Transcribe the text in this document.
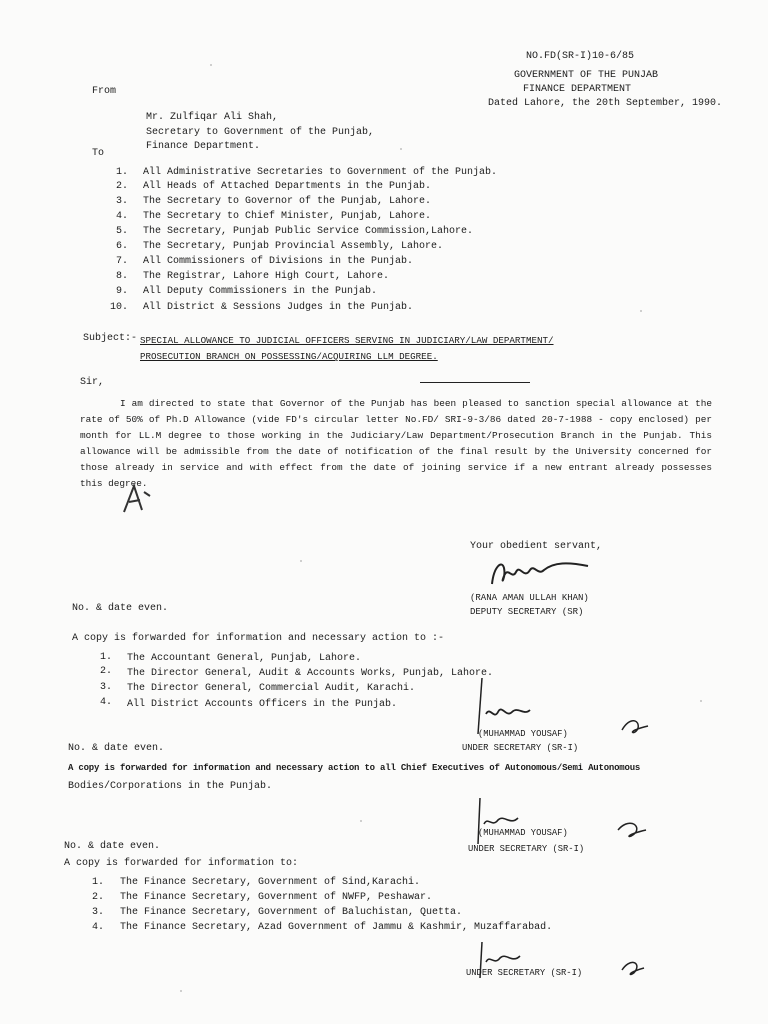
NO.FD(SR-I)10-6/85
GOVERNMENT OF THE PUNJAB
FINANCE DEPARTMENT
Dated Lahore, the 20th September, 1990.
From
Mr. Zulfiqar Ali Shah,
Secretary to Government of the Punjab,
Finance Department.
To
1. All Administrative Secretaries to Government of the Punjab.
2. All Heads of Attached Departments in the Punjab.
3. The Secretary to Governor of the Punjab, Lahore.
4. The Secretary to Chief Minister, Punjab, Lahore.
5. The Secretary, Punjab Public Service Commission,Lahore.
6. The Secretary, Punjab Provincial Assembly, Lahore.
7. All Commissioners of Divisions in the Punjab.
8. The Registrar, Lahore High Court, Lahore.
9. All Deputy Commissioners in the Punjab.
10. All District & Sessions Judges in the Punjab.
Subject:- SPECIAL ALLOWANCE TO JUDICIAL OFFICERS SERVING IN JUDICIARY/LAW DEPARTMENT/
PROSECUTION BRANCH ON POSSESSING/ACQUIRING LLM DEGREE.
Sir,
I am directed to state that Governor of the Punjab has been pleased to sanction special allowance at the rate of 50% of Ph.D Allowance (vide FD's circular letter No.FD/ SRI-9-3/86 dated 20-7-1988 - copy enclosed) per month for LL.M degree to those working in the Judiciary/Law Department/Prosecution Branch in the Punjab. This allowance will be admissible from the date of notification of the final result by the University concerned for those already in service and with effect from the date of joining service if a new entrant already possesses this degree.
Your obedient servant,
(RANA AMAN ULLAH KHAN)
DEPUTY SECRETARY (SR)
No. & date even.
A copy is forwarded for information and necessary action to :-
1. The Accountant General, Punjab, Lahore.
2. The Director General, Audit & Accounts Works, Punjab, Lahore.
3. The Director General, Commercial Audit, Karachi.
4. All District Accounts Officers in the Punjab.
(MUHAMMAD YOUSAF)
UNDER SECRETARY (SR-I)
No. & date even.
A copy is forwarded for information and necessary action to all Chief Executives of Autonomous/Semi Autonomous
Bodies/Corporations in the Punjab.
(MUHAMMAD YOUSAF)
UNDER SECRETARY (SR-I)
No. & date even.
A copy is forwarded for information to:
1. The Finance Secretary, Government of Sind,Karachi.
2. The Finance Secretary, Government of NWFP, Peshawar.
3. The Finance Secretary, Government of Baluchistan, Quetta.
4. The Finance Secretary, Azad Government of Jammu & Kashmir, Muzaffarabad.
UNDER SECRETARY (SR-I)
